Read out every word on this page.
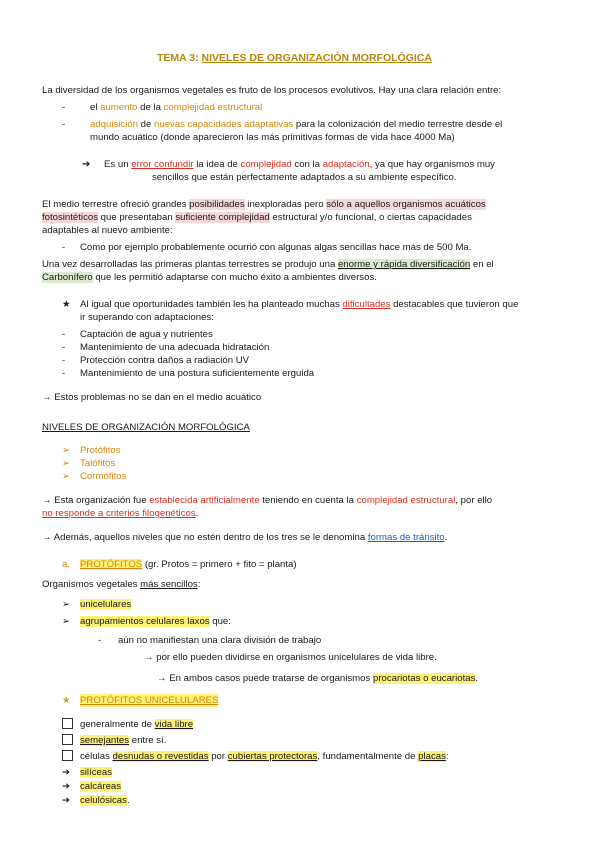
TEMA 3: NIVELES DE ORGANIZACIÓN MORFOLÓGICA
La diversidad de los organismos vegetales es fruto de los procesos evolutivos. Hay una clara relación entre:
-	el aumento de la complejidad estructural
-	adquisición de nuevas capacidades adaptativas para la colonización del medio terrestre desde el
mundo acuático (donde aparecieron las más primitivas formas de vida hace 4000 Ma)
➔ Es un error confundir la idea de complejidad con la adaptación, ya que hay organismos muy
sencillos que están perfectamente adaptados a su ambiente específico.
El medio terrestre ofreció grandes posibilidades inexploradas pero sólo a aquellos organismos acuáticos
fotosintéticos que presentaban suficiente complejidad estructural y/o funcional, o ciertas capacidades
adaptables al nuevo ambiente:
- Como por ejemplo probablemente ocurrió con algunas algas sencillas hace más de 500 Ma.
Una vez desarrolladas las primeras plantas terrestres se produjo una enorme y rápida diversificación en el
Carbonífero que les permitió adaptarse con mucho éxito a ambientes diversos.
★ Al igual que oportunidades también les ha planteado muchas dificultades destacables que tuvieron que
ir superando con adaptaciones:
- Captación de agua y nutrientes
- Mantenimiento de una adecuada hidratación
- Protección contra daños a radiación UV
- Mantenimiento de una postura suficientemente erguida
→ Estos problemas no se dan en el medio acuático
NIVELES DE ORGANIZACIÓN MORFOLÓGICA
➢ Protófitos
➢ Talófitos
➢ Cormófitos
→ Esta organización fue establecida artificialmente teniendo en cuenta la complejidad estructural, por ello
no responde a criterios filogenéticos.
→ Además, aquellos niveles que no estén dentro de los tres se le denomina formas de tránsito.
a. PROTÓFITOS (gr. Protos = primero + fito = planta)
Organismos vegetales más sencillos:
➢ unicelulares
➢ agrupamientos celulares laxos que:
- aún no manifiestan una clara división de trabajo
→ por ello pueden dividirse en organismos unicelulares de vida libre.
→ En ambos casos puede tratarse de organismos procariotas o eucariotas.
★ PROTÓFITOS UNICELULARES
generalmente de vida libre
semejantes entre sí.
células desnudas o revestidas por cubiertas protectoras, fundamentalmente de placas:
➔ silíceas
➔ calcáreas
➔ celulósicas.
